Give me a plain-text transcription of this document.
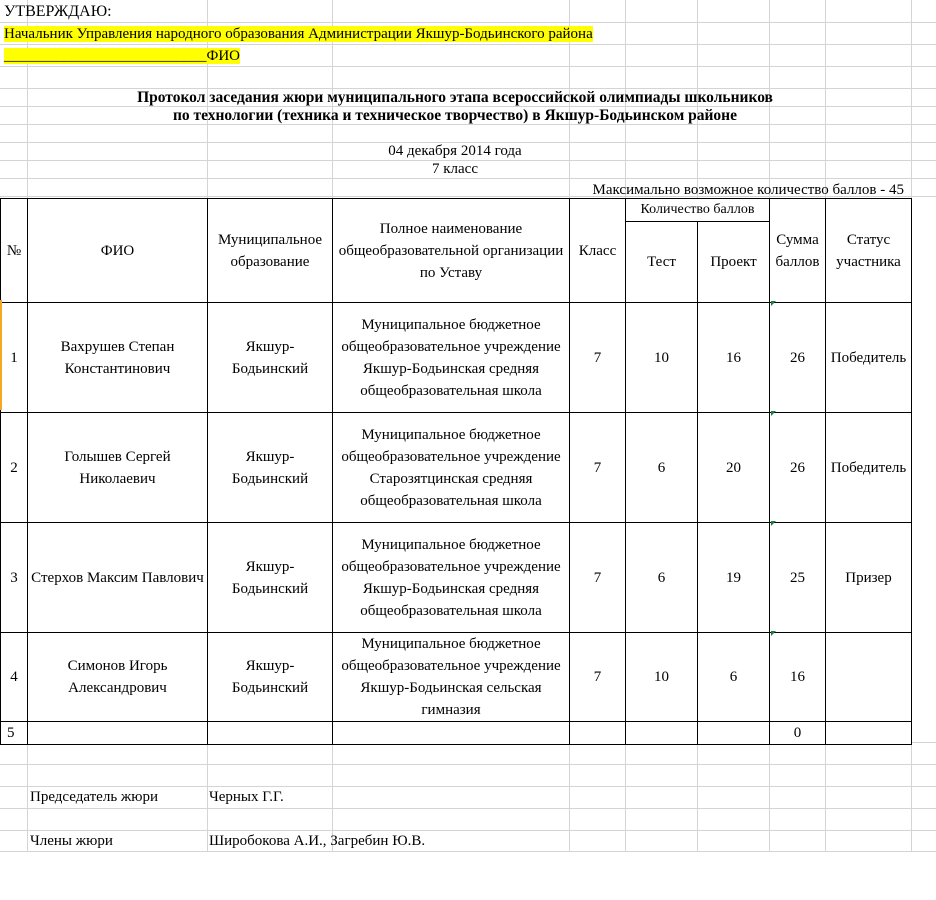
УТВЕРЖДАЮ:
Начальник Управления народного образования Администрации Якшур-Бодьинского района
___________________________ФИО
Протокол заседания жюри муниципального этапа всероссийской олимпиады школьников
по технологии (техника и техническое творчество) в Якшур-Бодьинском районе
04 декабря 2014 года
7 класс
Максимально возможное количество баллов - 45
№	ФИО	Муниципальное образование	Полное наименование общеобразовательной организации по Уставу	Класс	Количество баллов		Сумма баллов	Статус участника
					Тест	Проект		
1	Вахрушев Степан Константинович	Якшур-Бодьинский	Муниципальное бюджетное общеобразовательное учреждение Якшур-Бодьинская средняя общеобразовательная школа	7	10	16	26	Победитель
2	Голышев Сергей Николаевич	Якшур-Бодьинский	Муниципальное бюджетное общеобразовательное учреждение Старозятцинская средняя общеобразовательная школа	7	6	20	26	Победитель
3	Стерхов Максим Павлович	Якшур-Бодьинский	Муниципальное бюджетное общеобразовательное учреждение Якшур-Бодьинская средняя общеобразовательная школа	7	6	19	25	Призер
4	Симонов Игорь Александрович	Якшур-Бодьинский	Муниципальное бюджетное общеобразовательное учреждение Якшур-Бодьинская сельская гимназия	7	10	6	16	
5							0	
Председатель жюри	Черных Г.Г.
Члены жюри	Широбокова А.И., Загребин Ю.В.
